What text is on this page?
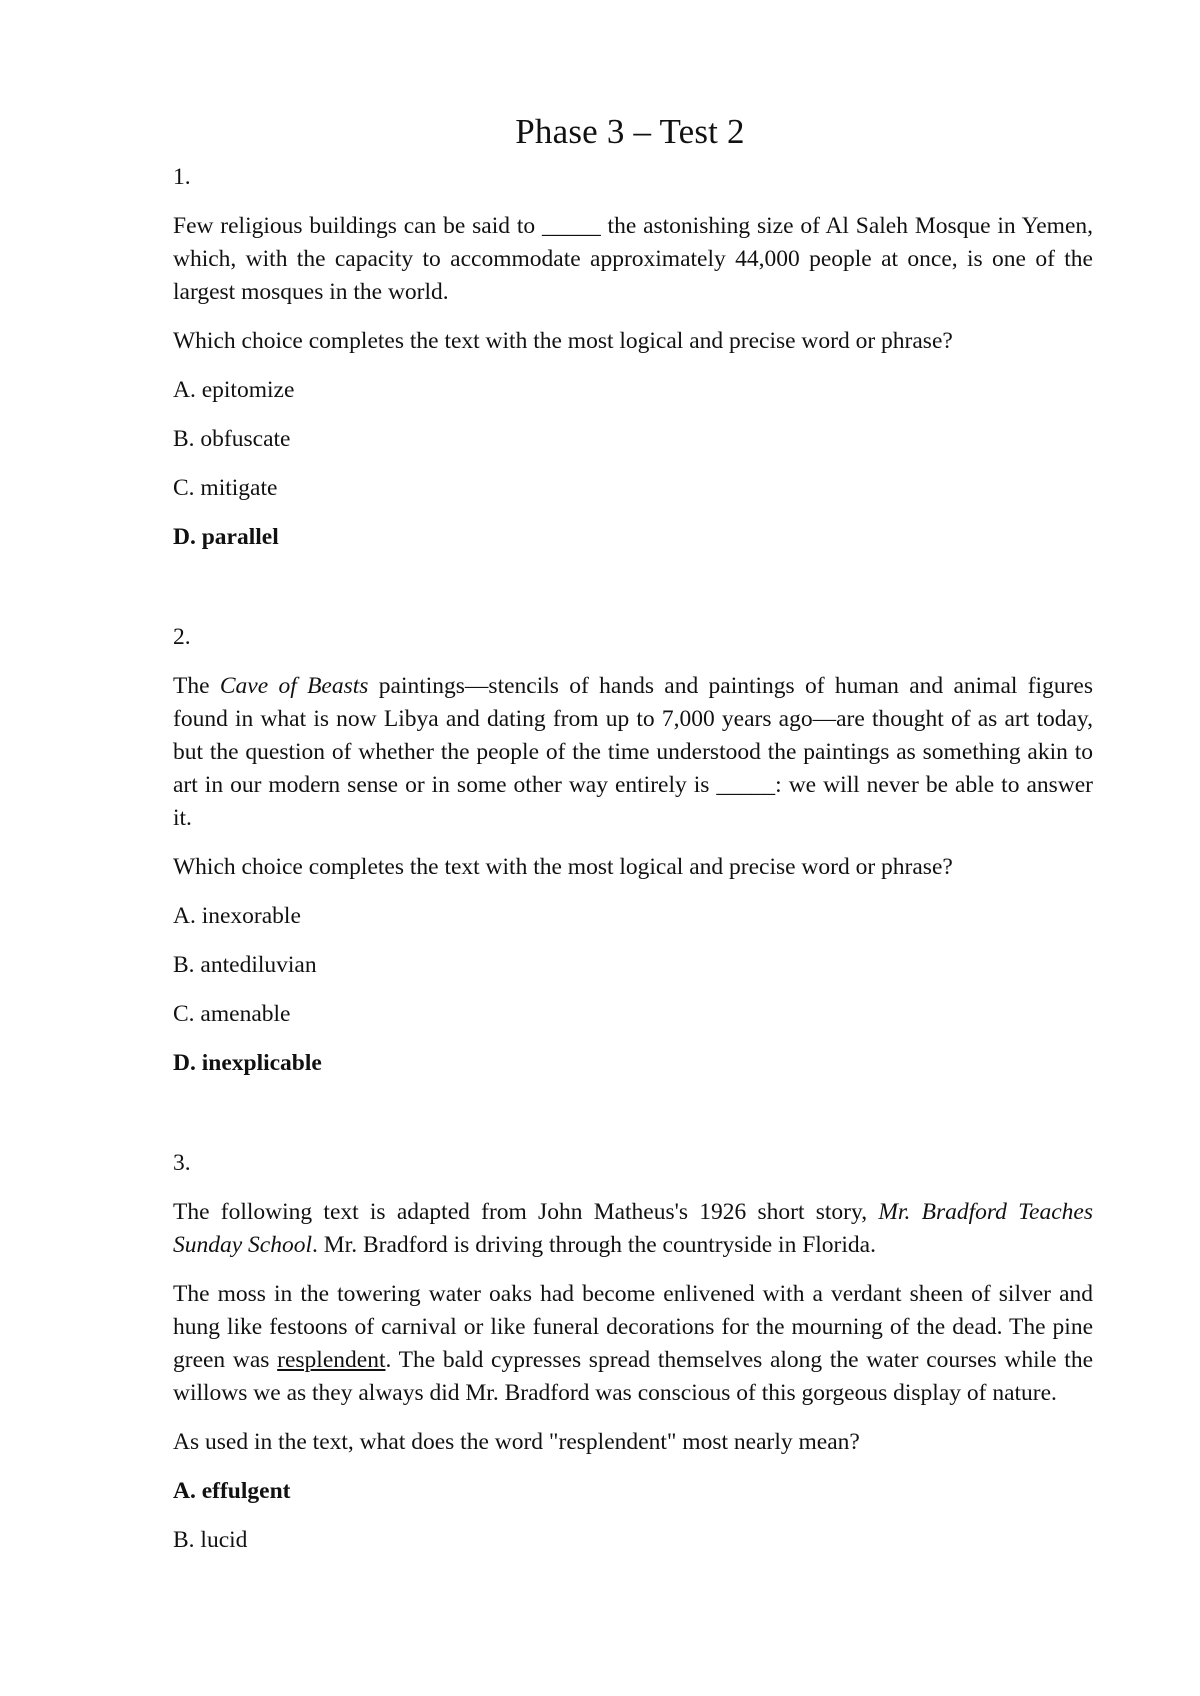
Phase 3 – Test 2

1.

Few religious buildings can be said to _____ the astonishing size of Al Saleh Mosque in Yemen, which, with the capacity to accommodate approximately 44,000 people at once, is one of the largest mosques in the world.

Which choice completes the text with the most logical and precise word or phrase?

A. epitomize

B. obfuscate

C. mitigate

D. parallel

2.

The Cave of Beasts paintings—stencils of hands and paintings of human and animal figures found in what is now Libya and dating from up to 7,000 years ago—are thought of as art today, but the question of whether the people of the time understood the paintings as something akin to art in our modern sense or in some other way entirely is _____: we will never be able to answer it.

Which choice completes the text with the most logical and precise word or phrase?

A. inexorable

B. antediluvian

C. amenable

D. inexplicable

3.

The following text is adapted from John Matheus's 1926 short story, Mr. Bradford Teaches Sunday School. Mr. Bradford is driving through the countryside in Florida.

The moss in the towering water oaks had become enlivened with a verdant sheen of silver and hung like festoons of carnival or like funeral decorations for the mourning of the dead. The pine green was resplendent. The bald cypresses spread themselves along the water courses while the willows we as they always did Mr. Bradford was conscious of this gorgeous display of nature.

As used in the text, what does the word "resplendent" most nearly mean?

A. effulgent

B. lucid
